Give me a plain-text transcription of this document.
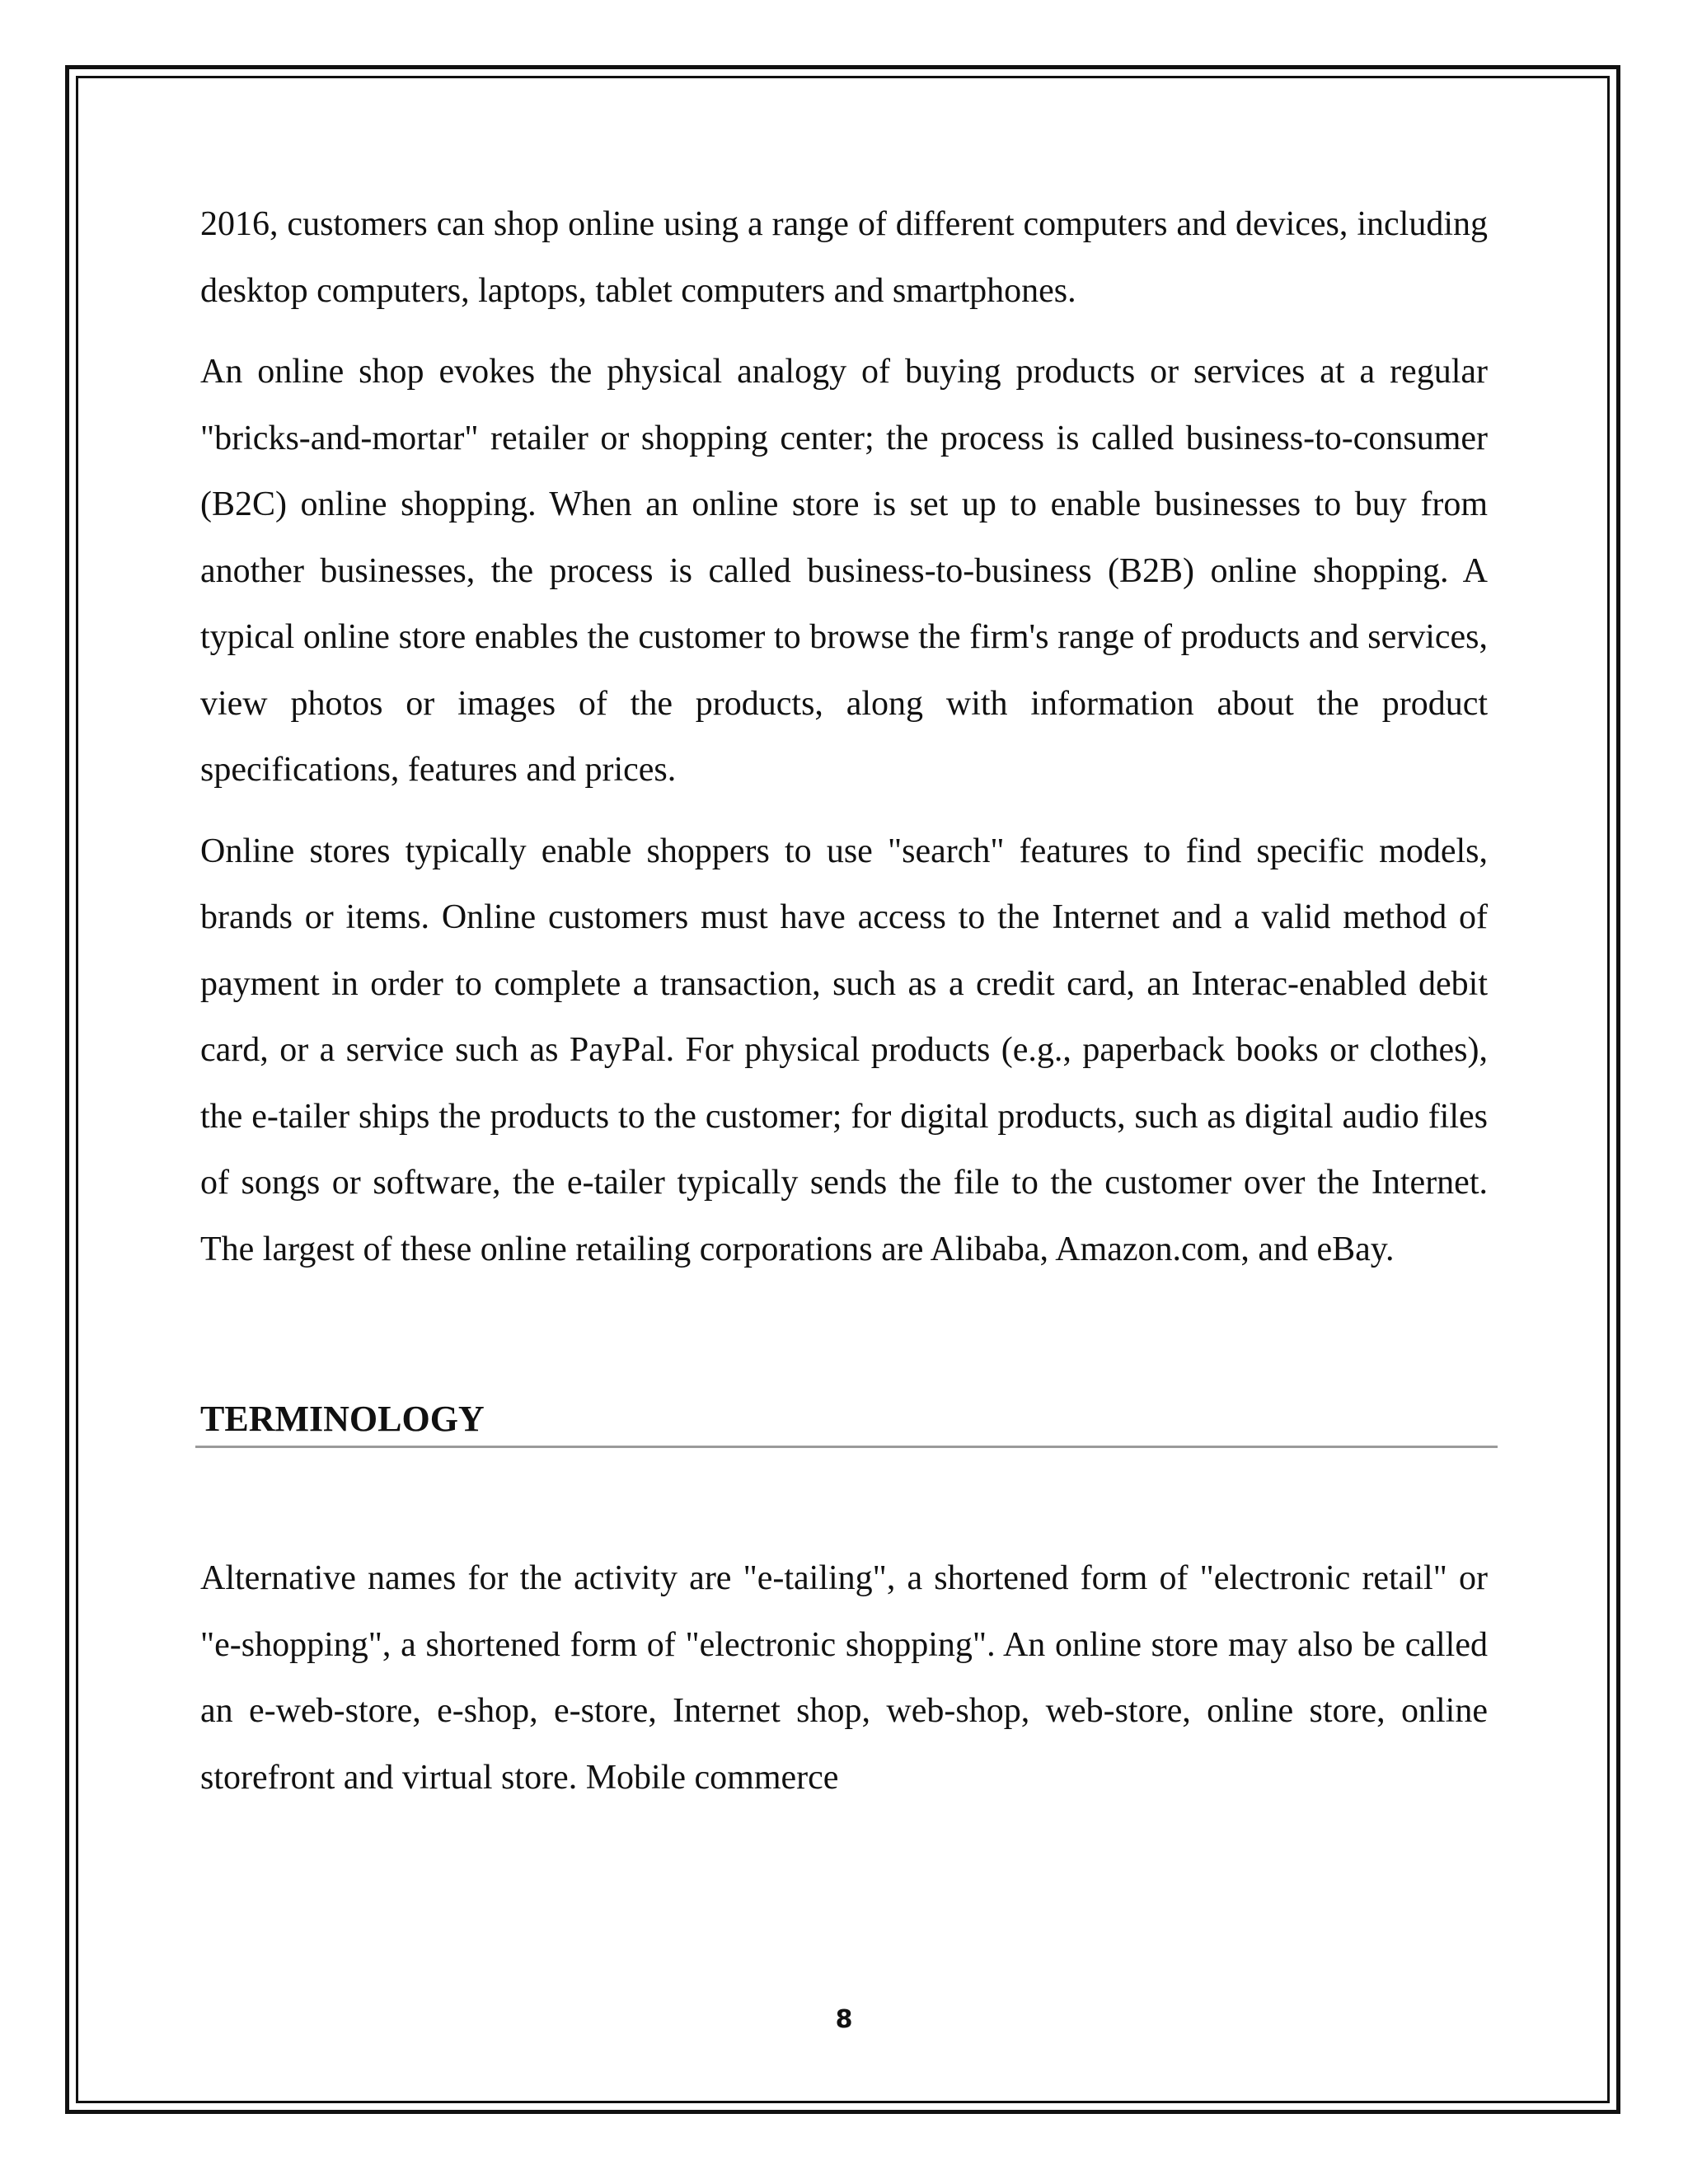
2016, customers can shop online using a range of different computers and devices, including desktop computers, laptops, tablet computers and smartphones.

An online shop evokes the physical analogy of buying products or services at a regular "bricks-and-mortar" retailer or shopping center; the process is called business-to-consumer (B2C) online shopping. When an online store is set up to enable businesses to buy from another businesses, the process is called business-to-business (B2B) online shopping. A typical online store enables the customer to browse the firm's range of products and services, view photos or images of the products, along with information about the product specifications, features and prices.

Online stores typically enable shoppers to use "search" features to find specific models, brands or items. Online customers must have access to the Internet and a valid method of payment in order to complete a transaction, such as a credit card, an Interac-enabled debit card, or a service such as PayPal. For physical products (e.g., paperback books or clothes), the e-tailer ships the products to the customer; for digital products, such as digital audio files of songs or software, the e-tailer typically sends the file to the customer over the Internet. The largest of these online retailing corporations are Alibaba, Amazon.com, and eBay.

TERMINOLOGY

Alternative names for the activity are "e-tailing", a shortened form of "electronic retail" or "e-shopping", a shortened form of "electronic shopping". An online store may also be called an e-web-store, e-shop, e-store, Internet shop, web-shop, web-store, online store, online storefront and virtual store. Mobile commerce

8
